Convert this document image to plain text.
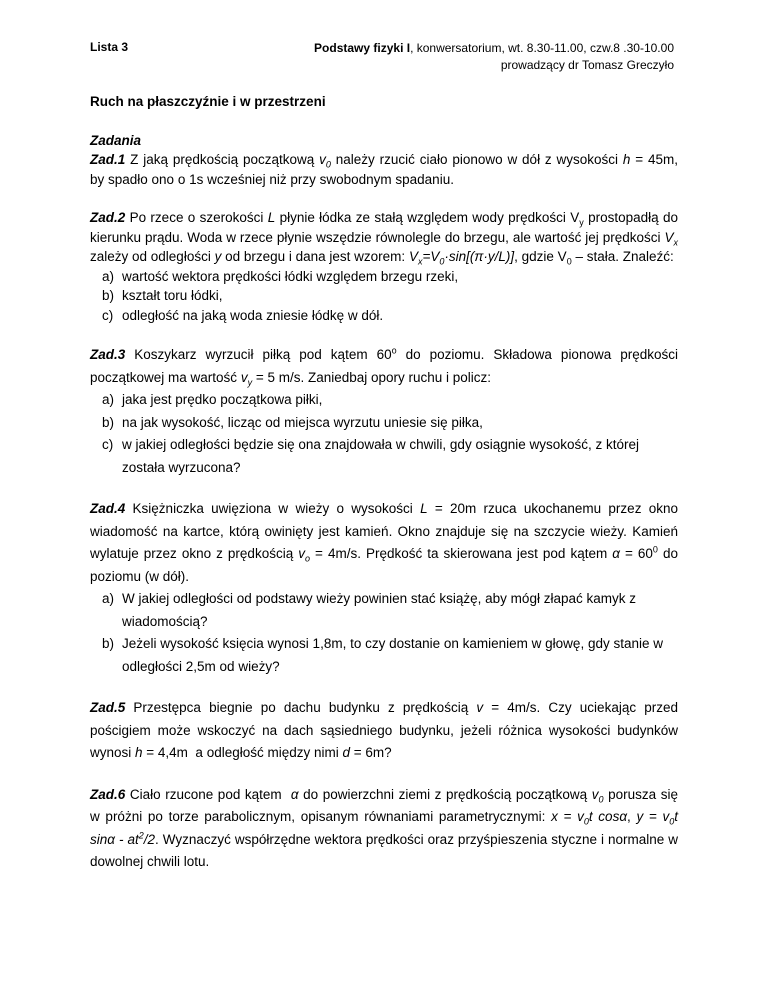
Lista 3	Podstawy fizyki I, konwersatorium, wt. 8.30-11.00, czw.8 .30-10.00
prowadzący dr Tomasz Greczyło
Ruch na płaszczyźnie i w przestrzeni
Zadania
Zad.1 Z jaką prędkością początkową $v_0$ należy rzucić ciało pionowo w dół z wysokości h = 45m, by spadło ono o 1s wcześniej niż przy swobodnym spadaniu.
Zad.2 Po rzece o szerokości L płynie łódka ze stałą względem wody prędkości $V_y$ prostopadłą do kierunku prądu. Woda w rzece płynie wszędzie równolegle do brzegu, ale wartość jej prędkości $V_x$ zależy od odległości y od brzegu i dana jest wzorem: $V_x=V_0\cdot\sin[(\pi\cdot y/L)]$, gdzie $V_0$ – stała. Znaleźć:
a) wartość wektora prędkości łódki względem brzegu rzeki,
b) kształt toru łódki,
c) odległość na jaką woda zniesie łódkę w dół.
Zad.3 Koszykarz wyrzucił piłką pod kątem 60$^o$ do poziomu. Składowa pionowa prędkości początkowej ma wartość $v_y = 5$ m/s. Zaniedbaj opory ruchu i policz:
a) jaka jest prędko początkowa piłki,
b) na jak wysokość, licząc od miejsca wyrzutu uniesie się piłka,
c) w jakiej odległości będzie się ona znajdowała w chwili, gdy osiągnie wysokość, z której została wyrzucona?
Zad.4 Księżniczka uwięziona w wieży o wysokości L = 20m rzuca ukochanemu przez okno wiadomość na kartce, którą owinięty jest kamień. Okno znajduje się na szczycie wieży. Kamień wylatuje przez okno z prędkością $v_o = 4m/s$. Prędkość ta skierowana jest pod kątem $\alpha = 60^0$ do poziomu (w dół).
a) W jakiej odległości od podstawy wieży powinien stać książę, aby mógł złapać kamyk z wiadomością?
b) Jeżeli wysokość księcia wynosi 1,8m, to czy dostanie on kamieniem w głowę, gdy stanie w odległości 2,5m od wieży?
Zad.5 Przestępca biegnie po dachu budynku z prędkością v = 4m/s. Czy uciekając przed pościgiem może wskoczyć na dach sąsiedniego budynku, jeżeli różnica wysokości budynków wynosi h = 4,4m  a odległość między nimi d = 6m?
Zad.6 Ciało rzucone pod kątem  α do powierzchni ziemi z prędkością początkową $v_0$ porusza się w próżni po torze parabolicznym, opisanym równaniami parametrycznymi: $x = v_0t$ cosα, $y = v_0t$ sinα - $at^2/2$. Wyznaczyć współrzędne wektora prędkości oraz przyśpieszenia styczne i normalne w dowolnej chwili lotu.
